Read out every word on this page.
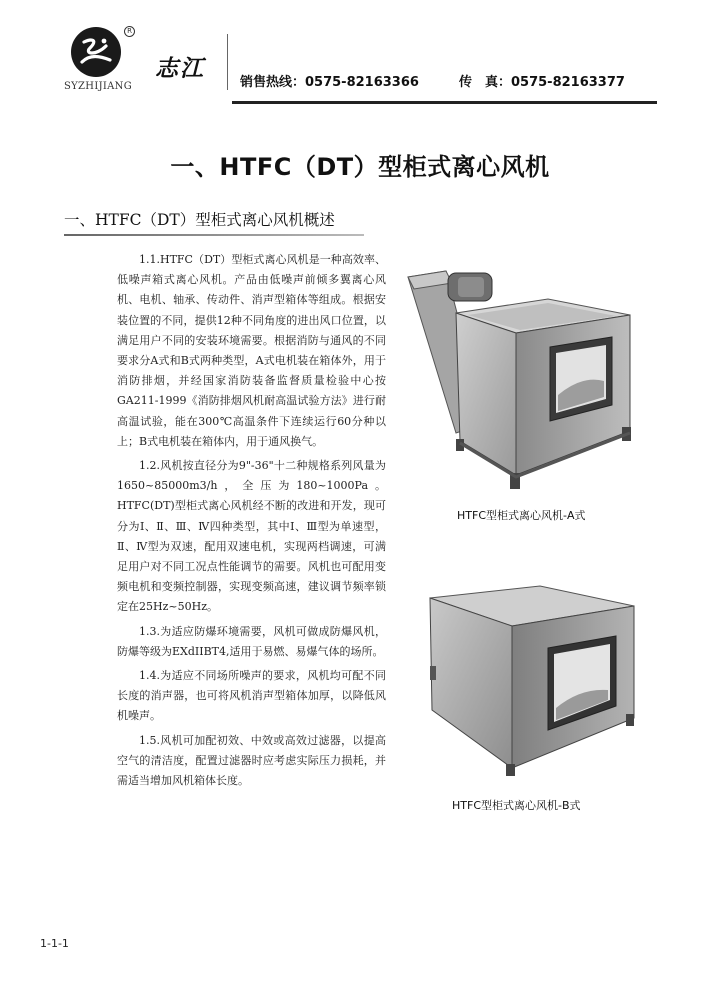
R
SYZHIJIANG
志江
销售热线：0575-82163366	传　真：0575-82163377
一、HTFC（DT）型柜式离心风机
一、HTFC（DT）型柜式离心风机概述

1.1.HTFC（DT）型柜式离心风机是一种高效率、低噪声箱式离心风机。产品由低噪声前倾多翼离心风机、电机、轴承、传动件、消声型箱体等组成。根据安装位置的不同，提供12种不同角度的进出风口位置，以满足用户不同的安装环境需要。根据消防与通风的不同要求分A式和B式两种类型，A式电机装在箱体外，用于消防排烟，并经国家消防装备监督质量检验中心按GA211-1999《消防排烟风机耐高温试验方法》进行耐高温试验，能在300℃高温条件下连续运行60分种以上；B式电机装在箱体内，用于通风换气。

1.2.风机按直径分为9"-36"十二种规格系列风量为1650~85000m3/h，全压为180~1000Pa。HTFC(DT)型柜式离心风机经不断的改进和开发，现可分为Ⅰ、Ⅱ、Ⅲ、Ⅳ四种类型，其中Ⅰ、Ⅲ型为单速型，Ⅱ、Ⅳ型为双速，配用双速电机，实现两档调速，可满足用户对不同工况点性能调节的需要。风机也可配用变频电机和变频控制器，实现变频高速，建议调节频率锁定在25Hz~50Hz。

1.3.为适应防爆环境需要，风机可做成防爆风机，防爆等级为EXdIIBT4,适用于易燃、易爆气体的场所。

1.4.为适应不同场所噪声的要求，风机均可配不同长度的消声器，也可将风机消声型箱体加厚，以降低风机噪声。

1.5.风机可加配初效、中效或高效过滤器，以提高空气的清洁度，配置过滤器时应考虑实际压力损耗，并需适当增加风机箱体长度。

HTFC型柜式离心风机-A式
HTFC型柜式离心风机-B式
1-1-1
